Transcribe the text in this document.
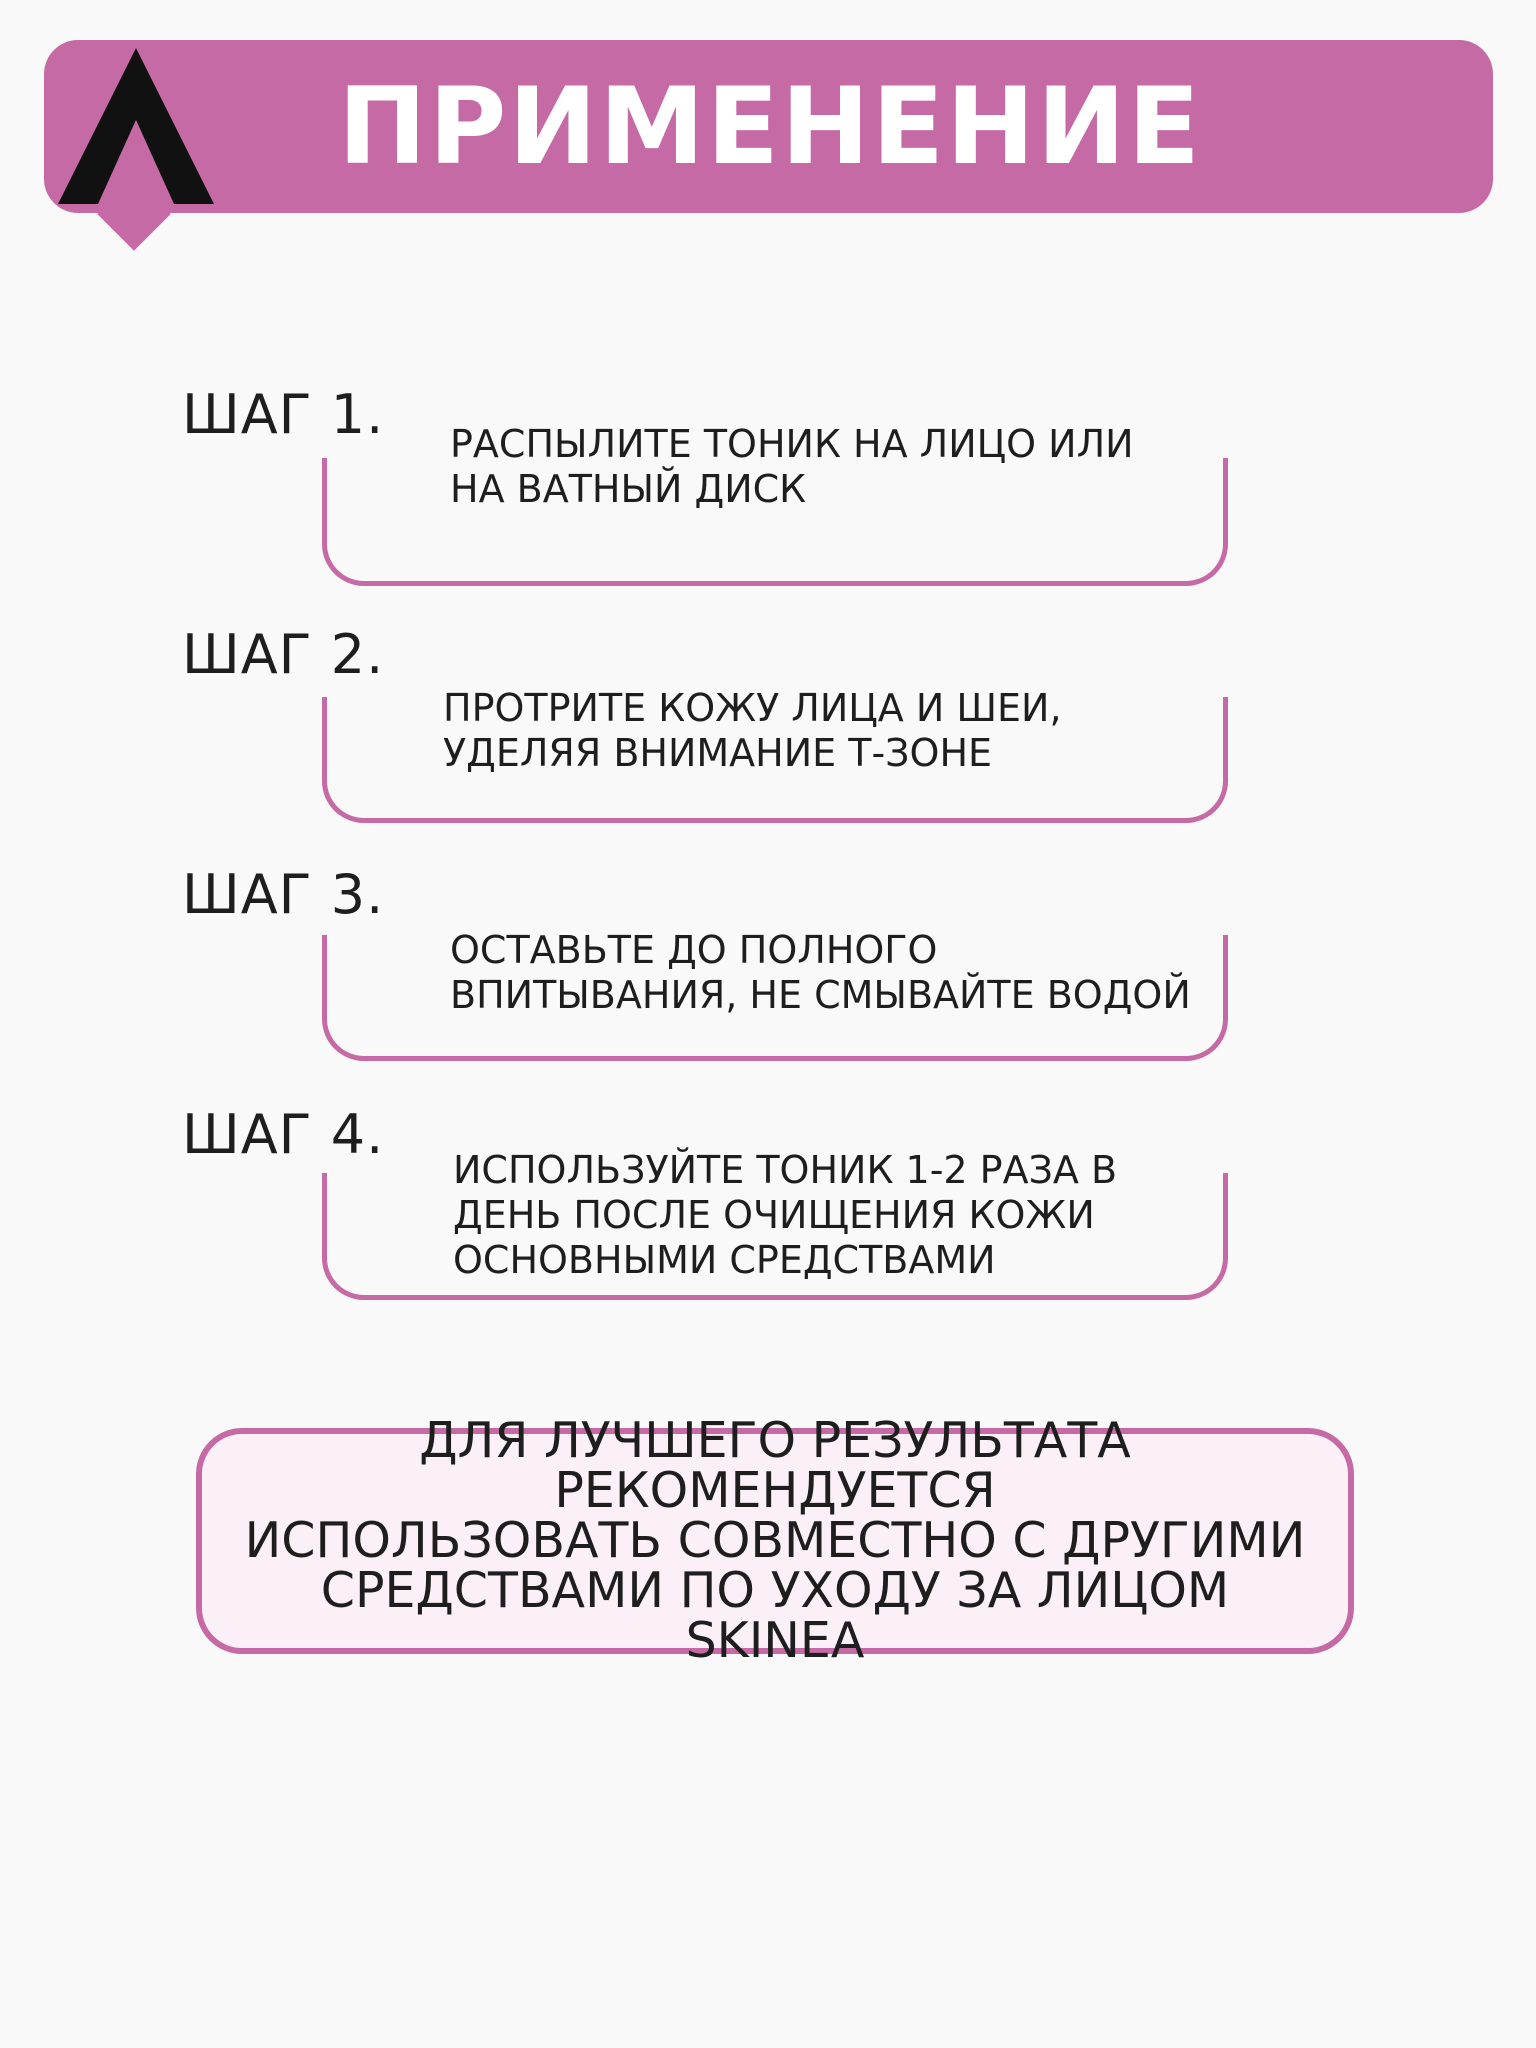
ПРИМЕНЕНИЕ
ШАГ 1. РАСПЫЛИТЕ ТОНИК НА ЛИЦО ИЛИ
НА ВАТНЫЙ ДИСК
ШАГ 2.
ПРОТРИТЕ КОЖУ ЛИЦА И ШЕИ,
УДЕЛЯЯ ВНИМАНИЕ Т-ЗОНЕ
ШАГ 3.
ОСТАВЬТЕ ДО ПОЛНОГО
ВПИТЫВАНИЯ, НЕ СМЫВАЙТЕ ВОДОЙ
ШАГ 4.
ИСПОЛЬЗУЙТЕ ТОНИК 1-2 РАЗА В
ДЕНЬ ПОСЛЕ ОЧИЩЕНИЯ КОЖИ
ОСНОВНЫМИ СРЕДСТВАМИ
ДЛЯ ЛУЧШЕГО РЕЗУЛЬТАТА РЕКОМЕНДУЕТСЯ
ИСПОЛЬЗОВАТЬ СОВМЕСТНО С ДРУГИМИ
СРЕДСТВАМИ ПО УХОДУ ЗА ЛИЦОМ
SKINEA
